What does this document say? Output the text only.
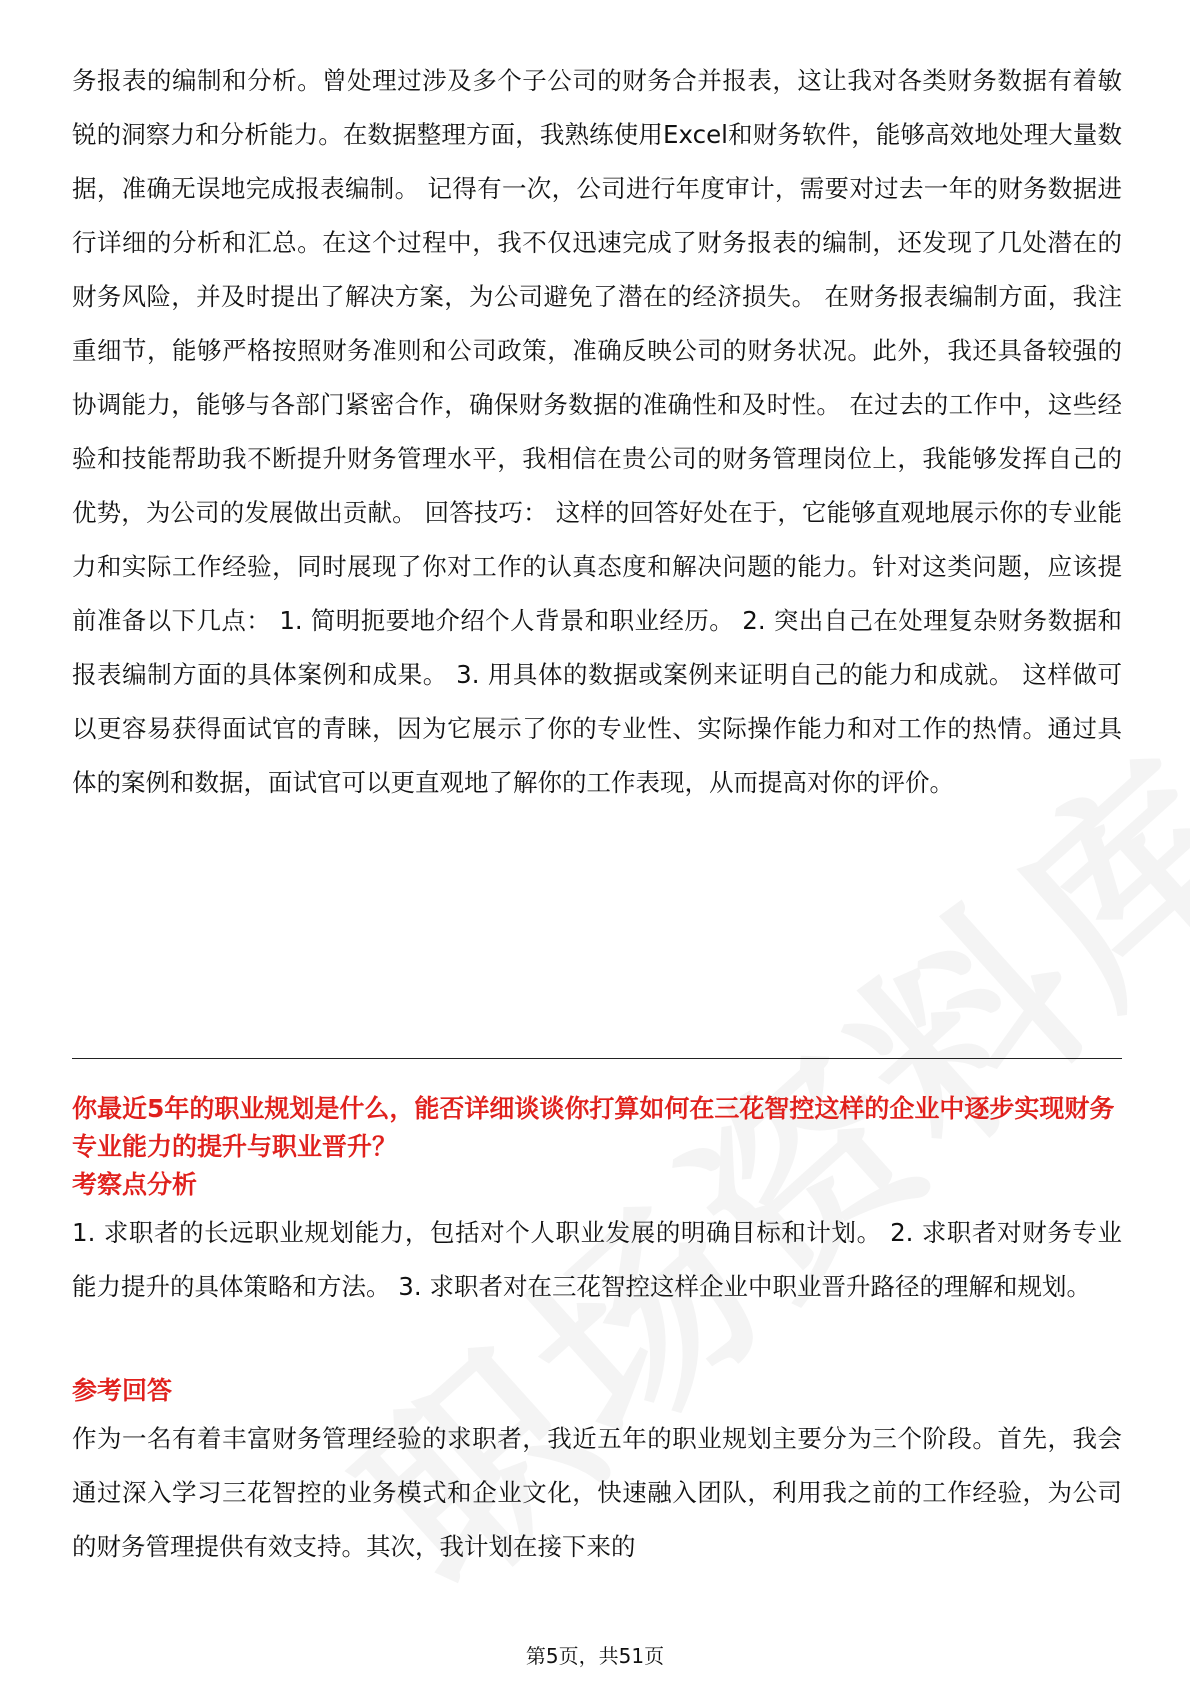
务报表的编制和分析。曾处理过涉及多个子公司的财务合并报表，这让我对各类财务数据有着敏锐的洞察力和分析能力。在数据整理方面，我熟练使用Excel和财务软件，能够高效地处理大量数据，准确无误地完成报表编制。 记得有一次，公司进行年度审计，需要对过去一年的财务数据进行详细的分析和汇总。在这个过程中，我不仅迅速完成了财务报表的编制，还发现了几处潜在的财务风险，并及时提出了解决方案，为公司避免了潜在的经济损失。 在财务报表编制方面，我注重细节，能够严格按照财务准则和公司政策，准确反映公司的财务状况。此外，我还具备较强的协调能力，能够与各部门紧密合作，确保财务数据的准确性和及时性。 在过去的工作中，这些经验和技能帮助我不断提升财务管理水平，我相信在贵公司的财务管理岗位上，我能够发挥自己的优势，为公司的发展做出贡献。 回答技巧： 这样的回答好处在于，它能够直观地展示你的专业能力和实际工作经验，同时展现了你对工作的认真态度和解决问题的能力。针对这类问题，应该提前准备以下几点： 1. 简明扼要地介绍个人背景和职业经历。 2. 突出自己在处理复杂财务数据和报表编制方面的具体案例和成果。 3. 用具体的数据或案例来证明自己的能力和成就。 这样做可以更容易获得面试官的青睐，因为它展示了你的专业性、实际操作能力和对工作的热情。通过具体的案例和数据，面试官可以更直观地了解你的工作表现，从而提高对你的评价。

你最近5年的职业规划是什么，能否详细谈谈你打算如何在三花智控这样的企业中逐步实现财务专业能力的提升与职业晋升？

考察点分析

1. 求职者的长远职业规划能力，包括对个人职业发展的明确目标和计划。 2. 求职者对财务专业能力提升的具体策略和方法。 3. 求职者对在三花智控这样企业中职业晋升路径的理解和规划。

参考回答

作为一名有着丰富财务管理经验的求职者，我近五年的职业规划主要分为三个阶段。首先，我会通过深入学习三花智控的业务模式和企业文化，快速融入团队，利用我之前的工作经验，为公司的财务管理提供有效支持。其次，我计划在接下来的

第5页，共51页
